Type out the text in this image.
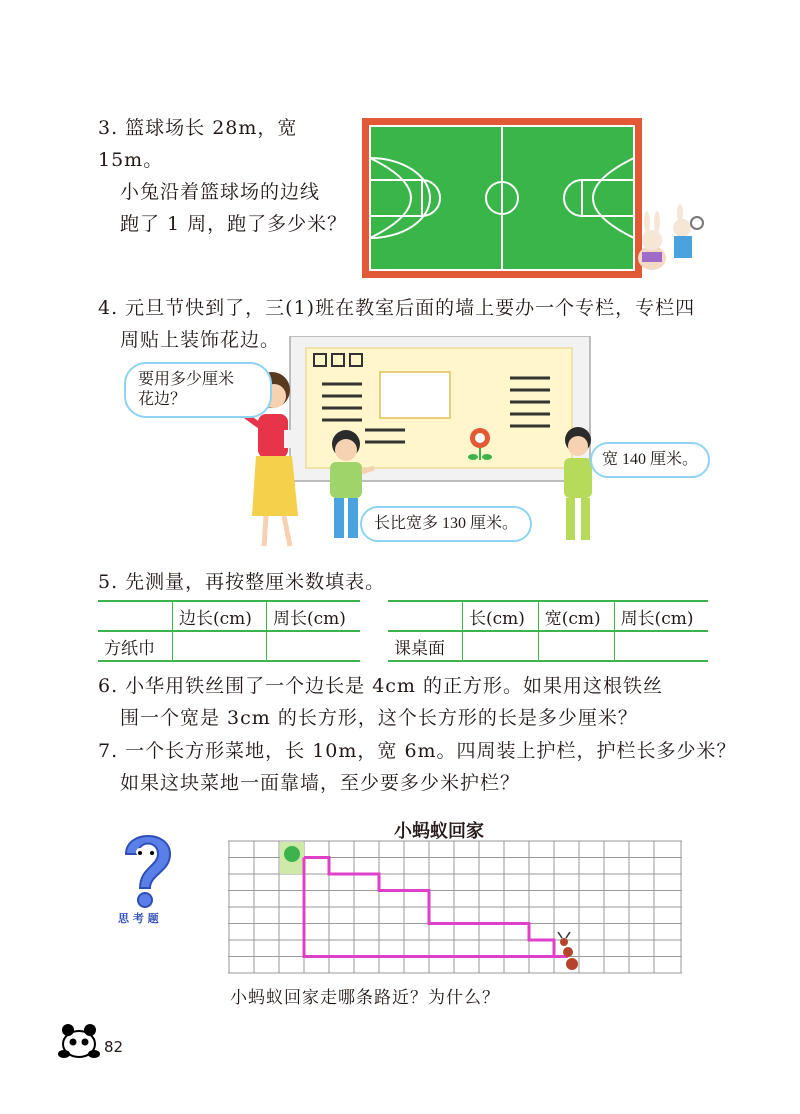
3. 篮球场长 28m，宽 15m。
小兔沿着篮球场的边线
跑了 1 周，跑了多少米？
4. 元旦节快到了，三(1)班在教室后面的墙上要办一个专栏，专栏四
周贴上装饰花边。
要用多少厘米
花边？
宽 140 厘米。
长比宽多 130 厘米。
5. 先测量，再按整厘米数填表。
	边长(cm)	周长(cm)
方纸巾		
	长(cm)	宽(cm)	周长(cm)
课桌面			
6. 小华用铁丝围了一个边长是 4cm 的正方形。如果用这根铁丝
围一个宽是 3cm 的长方形，这个长方形的长是多少厘米？
7. 一个长方形菜地，长 10m，宽 6m。四周装上护栏，护栏长多少米？
如果这块菜地一面靠墙，至少要多少米护栏？
思 考 题
小蚂蚁回家
小蚂蚁回家走哪条路近？为什么？
82
